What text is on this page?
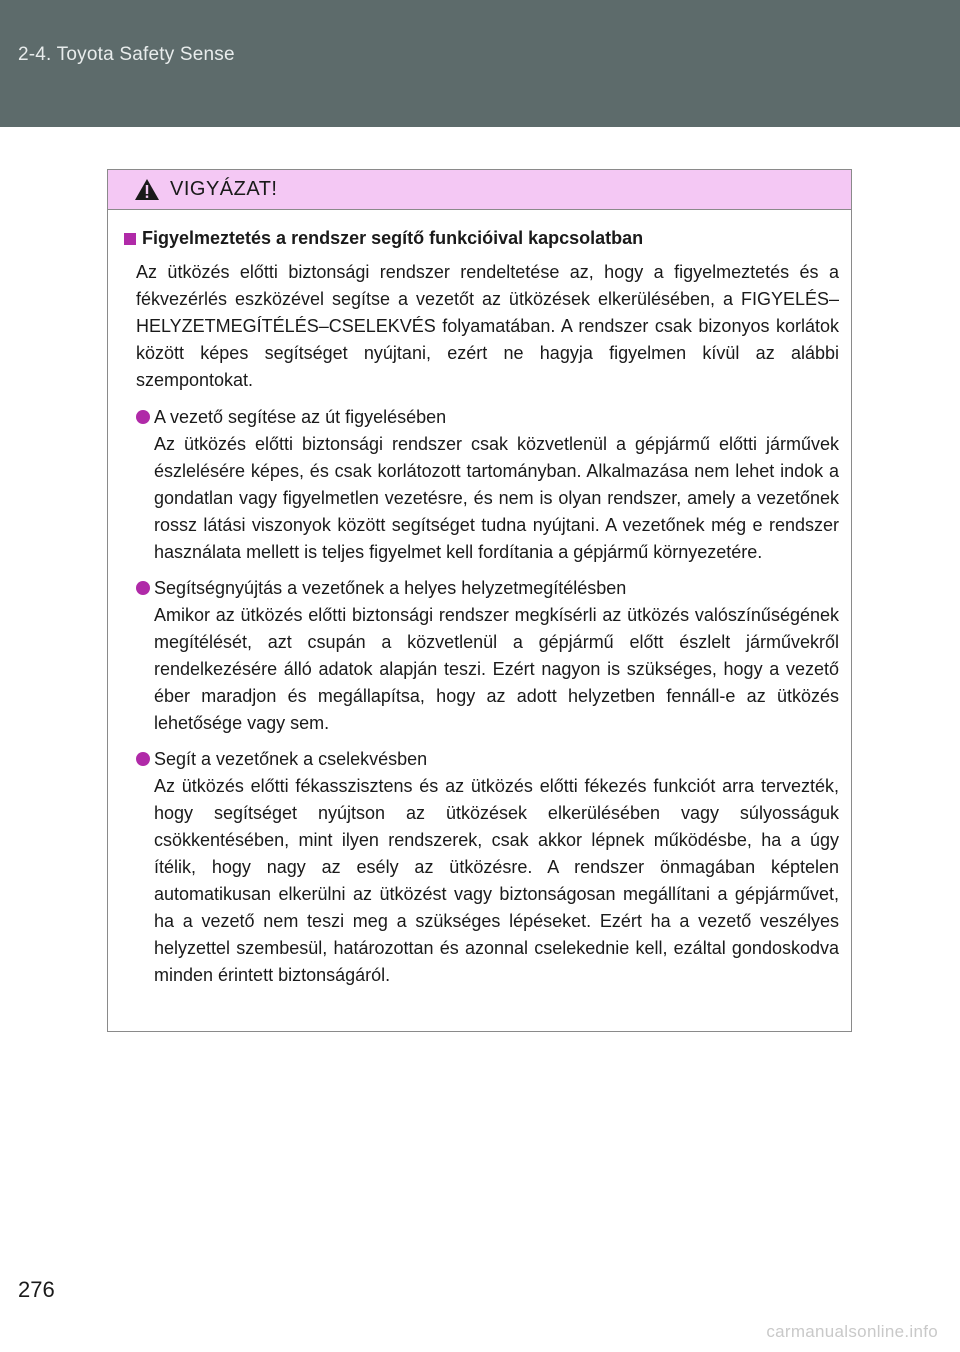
2-4. Toyota Safety Sense
VIGYÁZAT!
Figyelmeztetés a rendszer segítő funkcióival kapcsolatban

Az ütközés előtti biztonsági rendszer rendeltetése az, hogy a figyelmeztetés és a fékvezérlés eszközével segítse a vezetőt az ütközések elkerülésében, a FIGYELÉS–HELYZETMEGÍTÉLÉS–CSELEKVÉS folyamatában. A rendszer csak bizonyos korlátok között képes segítséget nyújtani, ezért ne hagyja figyelmen kívül az alábbi szempontokat.

A vezető segítése az út figyelésében
Az ütközés előtti biztonsági rendszer csak közvetlenül a gépjármű előtti járművek észlelésére képes, és csak korlátozott tartományban. Alkalmazása nem lehet indok a gondatlan vagy figyelmetlen vezetésre, és nem is olyan rendszer, amely a vezetőnek rossz látási viszonyok között segítséget tudna nyújtani. A vezetőnek még e rendszer használata mellett is teljes figyelmet kell fordítania a gépjármű környezetére.
Segítségnyújtás a vezetőnek a helyes helyzetmegítélésben
Amikor az ütközés előtti biztonsági rendszer megkísérli az ütközés valószínűségének megítélését, azt csupán a közvetlenül a gépjármű előtt észlelt járművekről rendelkezésére álló adatok alapján teszi. Ezért nagyon is szükséges, hogy a vezető éber maradjon és megállapítsa, hogy az adott helyzetben fennáll-e az ütközés lehetősége vagy sem.
Segít a vezetőnek a cselekvésben
Az ütközés előtti fékasszisztens és az ütközés előtti fékezés funkciót arra tervezték, hogy segítséget nyújtson az ütközések elkerülésében vagy súlyosságuk csökkentésében, mint ilyen rendszerek, csak akkor lépnek működésbe, ha a úgy ítélik, hogy nagy az esély az ütközésre. A rendszer önmagában képtelen automatikusan elkerülni az ütközést vagy biztonságosan megállítani a gépjárművet, ha a vezető nem teszi meg a szükséges lépéseket. Ezért ha a vezető veszélyes helyzettel szembesül, határozottan és azonnal cselekednie kell, ezáltal gondoskodva minden érintett biztonságáról.
276
carmanualsonline.info
